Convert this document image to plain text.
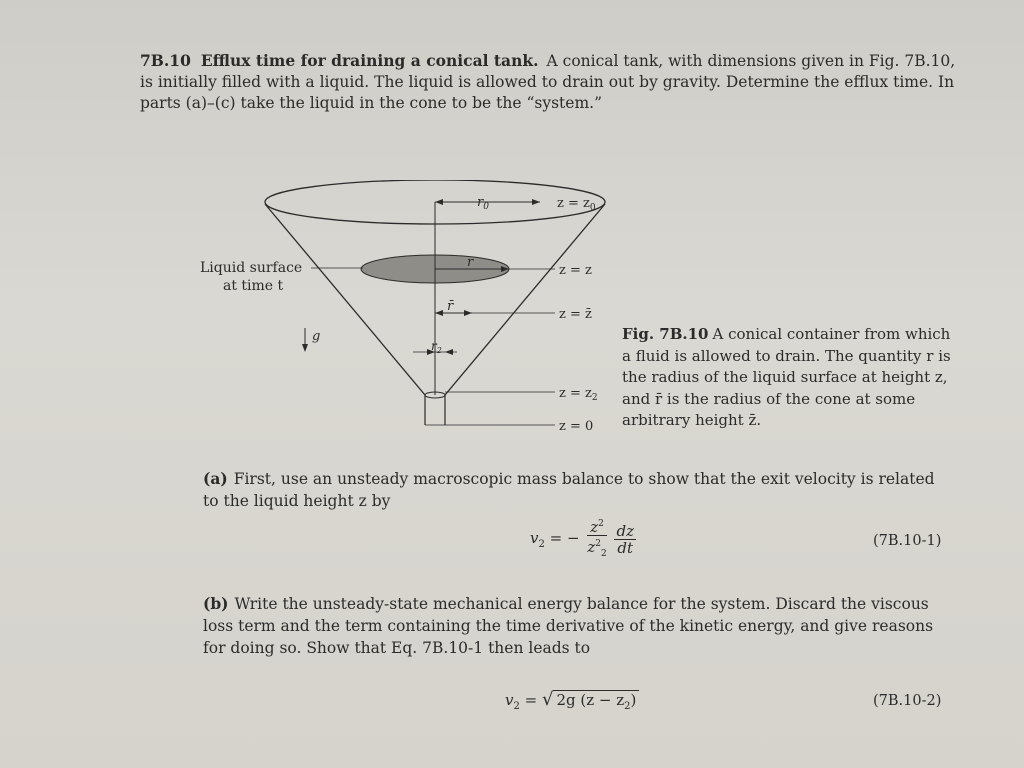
7B.10 Efflux time for draining a conical tank. A conical tank, with dimensions given in Fig. 7B.10, is initially filled with a liquid. The liquid is allowed to drain out by gravity. Determine the efflux time. In parts (a)–(c) take the liquid in the cone to be the “system.”
$r_0$	$z = z_0$
r
z = z
Liquid surface
at time t
r̄
z = z̄
g
$r_2$
$z = z_2$
z = 0
Fig. 7B.10 A conical container from which a fluid is allowed to drain. The quantity r is the radius of the liquid surface at height z, and r̄ is the radius of the cone at some arbitrary height z̄.
(a) First, use an unsteady macroscopic mass balance to show that the exit velocity is related to the liquid height z by
$v_2$ = − $\frac{z^2}{z^2_2}$
$\frac{dz}{dt}$	(7B.10-1)
(b) Write the unsteady-state mechanical energy balance for the system. Discard the viscous loss term and the term containing the time derivative of the kinetic energy, and give reasons for doing so. Show that Eq. 7B.10-1 then leads to
$v_2$ = √ 2g $(z - z_2)$	(7B.10-2)
